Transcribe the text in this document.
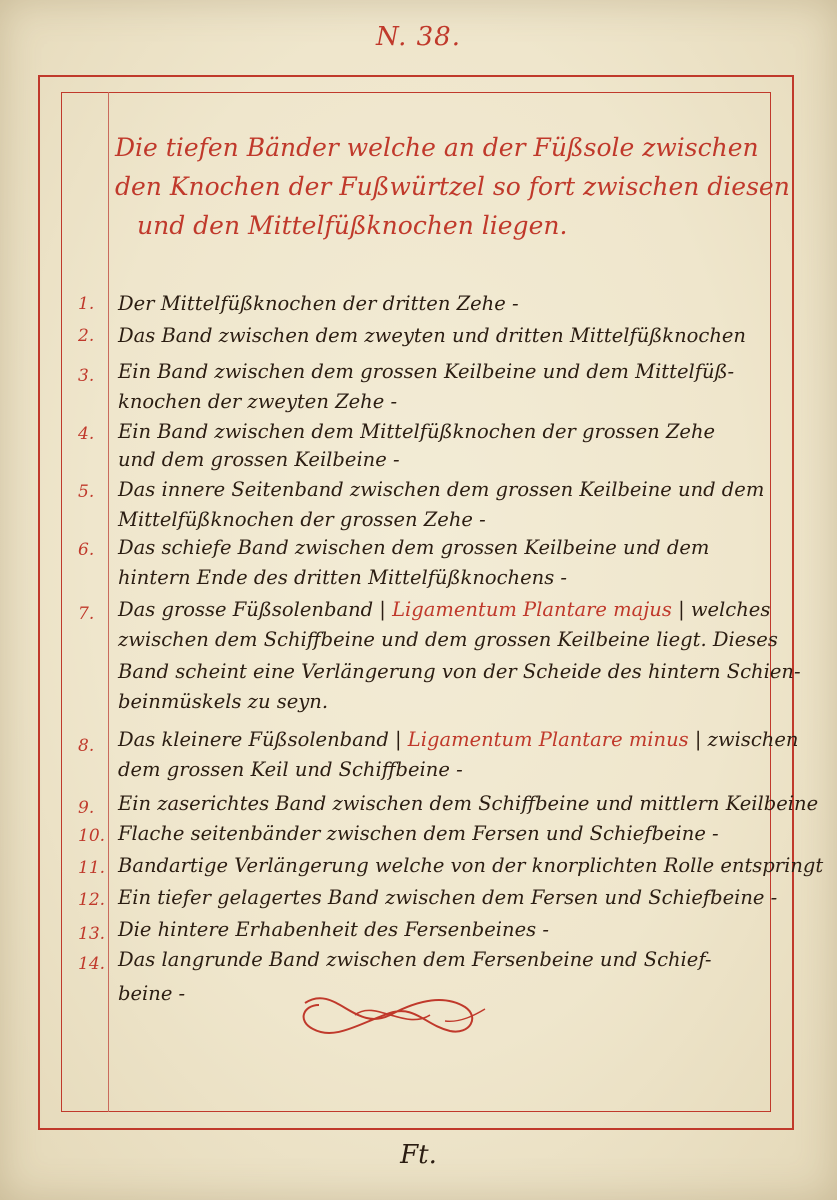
N. 38.
Die tiefen Bänder welche an der Füßsole zwischen
den Knochen der Fußwürtzel so fort zwischen diesen
und den Mittelfüßknochen liegen.
1.	Der Mittelfüßknochen der dritten Zehe -
2.	Das Band zwischen dem zweyten und dritten Mittelfüßknochen
3.	Ein Band zwischen dem grossen Keilbeine und dem Mittelfüß-
knochen der zweyten Zehe -
4.	Ein Band zwischen dem Mittelfüßknochen der grossen Zehe
und dem grossen Keilbeine -
5.	Das innere Seitenband zwischen dem grossen Keilbeine und dem
Mittelfüßknochen der grossen Zehe -
6.	Das schiefe Band zwischen dem grossen Keilbeine und dem
hintern Ende des dritten Mittelfüßknochens -
7.	Das grosse Füßsolenband | Ligamentum Plantare majus | welches
zwischen dem Schiffbeine und dem grossen Keilbeine liegt. Dieses
Band scheint eine Verlängerung von der Scheide des hintern Schien-
beinmüskels zu seyn.
8.	Das kleinere Füßsolenband | Ligamentum Plantare minus | zwischen
dem grossen Keil und Schiffbeine -
9.	Ein zaserichtes Band zwischen dem Schiffbeine und mittlern Keilbeine
10. Flache seitenbänder zwischen dem Fersen und Schiefbeine -
11. Bandartige Verlängerung welche von der knorplichten Rolle entspringt
12. Ein tiefer gelagertes Band zwischen dem Fersen und Schiefbeine -
13. Die hintere Erhabenheit des Fersenbeines -
14. Das langrunde Band zwischen dem Fersenbeine und Schief-
beine -
Ft.
